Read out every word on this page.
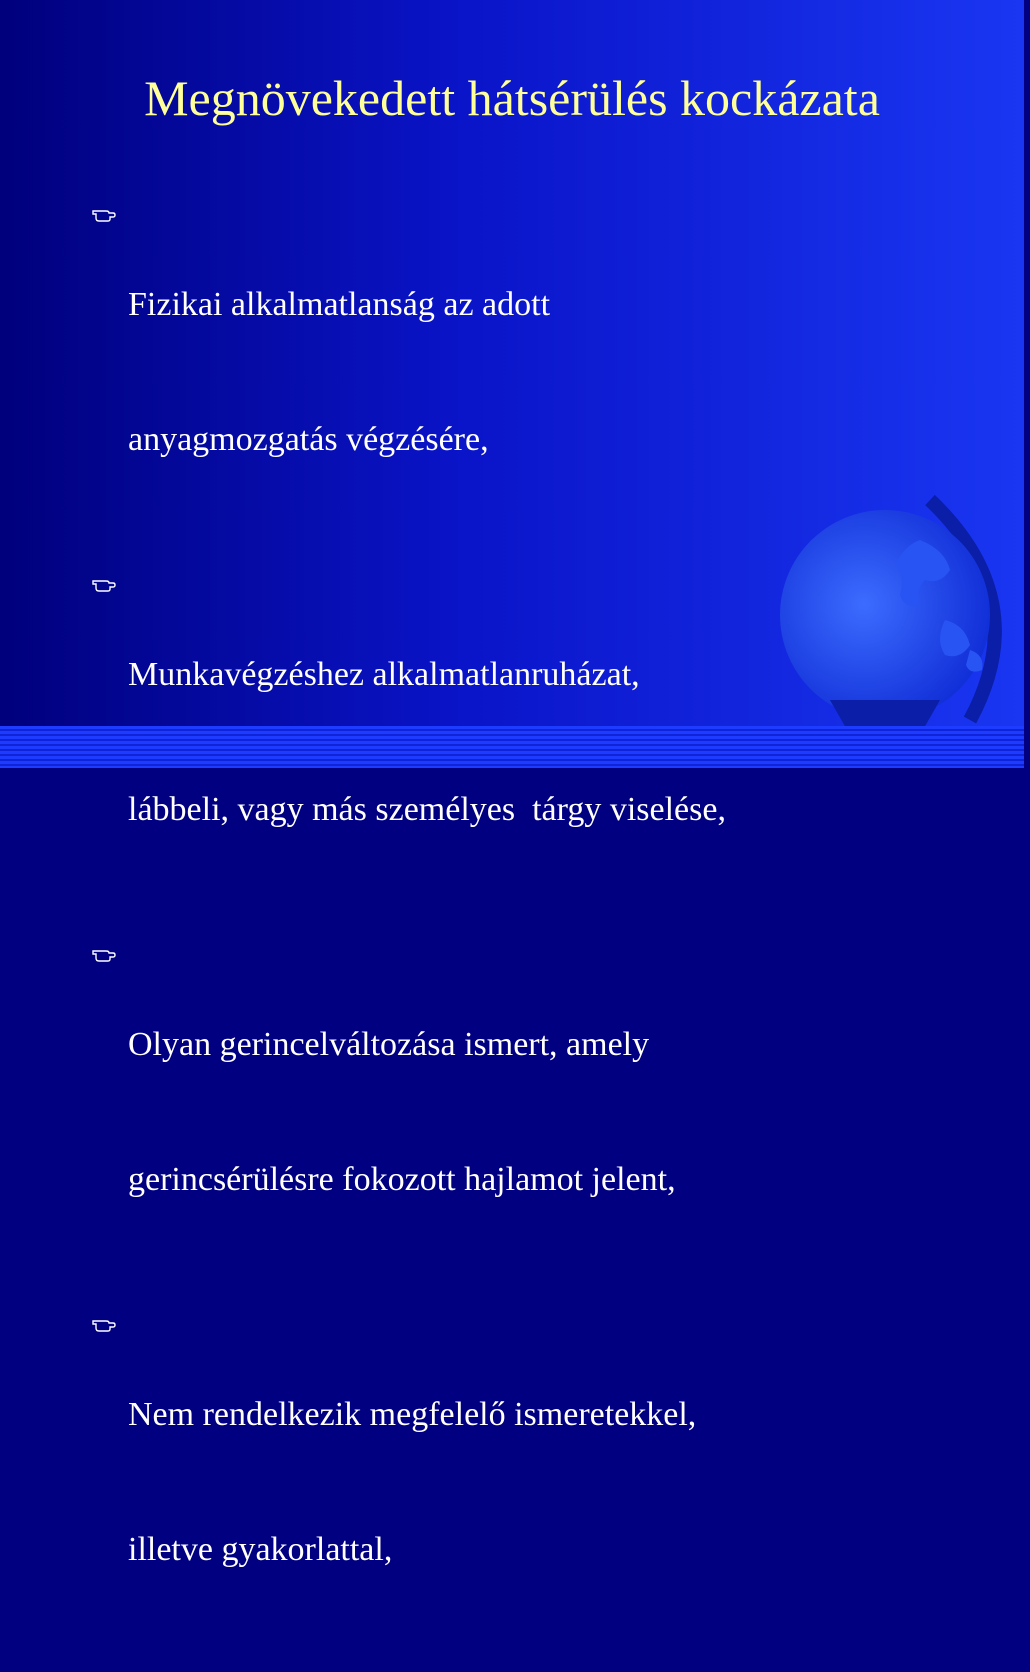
Megnövekedett hátsérülés kockázata

Fizikai alkalmatlanság az adott

anyagmozgatás végzésére,

Munkavégzéshez alkalmatlanruházat,

lábbeli, vagy más személyes  tárgy viselése,

Olyan gerincelváltozása ismert, amely

gerincsérülésre fokozott hajlamot jelent,

Nem rendelkezik megfelelő ismeretekkel,

illetve gyakorlattal,
